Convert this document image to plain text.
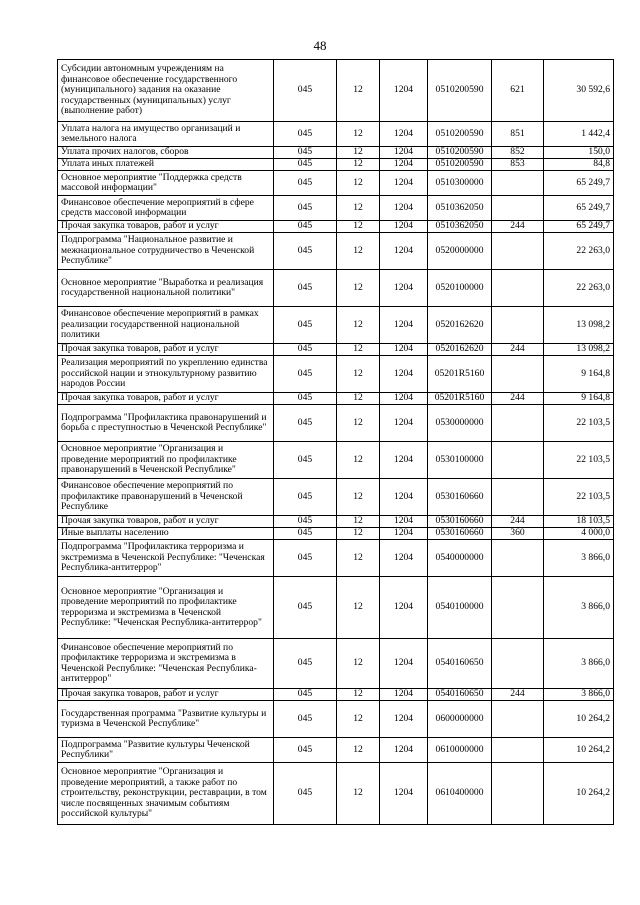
48
Субсидии автономным учреждениям на финансовое обеспечение государственного (муниципального) задания на оказание государственных (муниципальных) услуг (выполнение работ)	045	12	1204	0510200590	621	30 592,6
Уплата налога на имущество организаций и земельного налога	045	12	1204	0510200590	851	1 442,4
Уплата прочих налогов, сборов	045	12	1204	0510200590	852	150,0
Уплата иных платежей	045	12	1204	0510200590	853	84,8
Основное мероприятие "Поддержка средств массовой информации"	045	12	1204	0510300000		65 249,7
Финансовое обеспечение мероприятий в сфере средств массовой информации	045	12	1204	0510362050		65 249,7
Прочая закупка товаров, работ и услуг	045	12	1204	0510362050	244	65 249,7
Подпрограмма "Национальное развитие и межнациональное сотрудничество в Чеченской Республике"	045	12	1204	0520000000		22 263,0
Основное мероприятие "Выработка и реализация государственной национальной политики"	045	12	1204	0520100000		22 263,0
Финансовое обеспечение мероприятий в рамках реализации государственной национальной политики	045	12	1204	0520162620		13 098,2
Прочая закупка товаров, работ и услуг	045	12	1204	0520162620	244	13 098,2
Реализация мероприятий по укреплению единства российской нации и этнокультурному развитию народов России	045	12	1204	05201R5160		9 164,8
Прочая закупка товаров, работ и услуг	045	12	1204	05201R5160	244	9 164,8
Подпрограмма "Профилактика правонарушений и борьба с преступностью в Чеченской Республике"	045	12	1204	0530000000		22 103,5
Основное мероприятие "Организация и проведение мероприятий по профилактике правонарушений в Чеченской Республике"	045	12	1204	0530100000		22 103,5
Финансовое обеспечение мероприятий по профилактике правонарушений в Чеченской Республике	045	12	1204	0530160660		22 103,5
Прочая закупка товаров, работ и услуг	045	12	1204	0530160660	244	18 103,5
Иные выплаты населению	045	12	1204	0530160660	360	4 000,0
Подпрограмма "Профилактика терроризма и экстремизма в Чеченской Республике: "Чеченская Республика-антитеррор"	045	12	1204	0540000000		3 866,0
Основное мероприятие "Организация и проведение мероприятий по профилактике терроризма и экстремизма в Чеченской Республике: "Чеченская Республика-антитеррор"	045	12	1204	0540100000		3 866,0
Финансовое обеспечение мероприятий по профилактике терроризма и экстремизма в Чеченской Республике: "Чеченская Республика-антитеррор"	045	12	1204	0540160650		3 866,0
Прочая закупка товаров, работ и услуг	045	12	1204	0540160650	244	3 866,0
Государственная программа "Развитие культуры и туризма в Чеченской Республике"	045	12	1204	0600000000		10 264,2
Подпрограмма "Развитие культуры Чеченской Республики"	045	12	1204	0610000000		10 264,2
Основное мероприятие "Организация и проведение мероприятий, а также работ по строительству, реконструкции, реставрации, в том числе посвященных значимым событиям российской культуры"	045	12	1204	0610400000		10 264,2
